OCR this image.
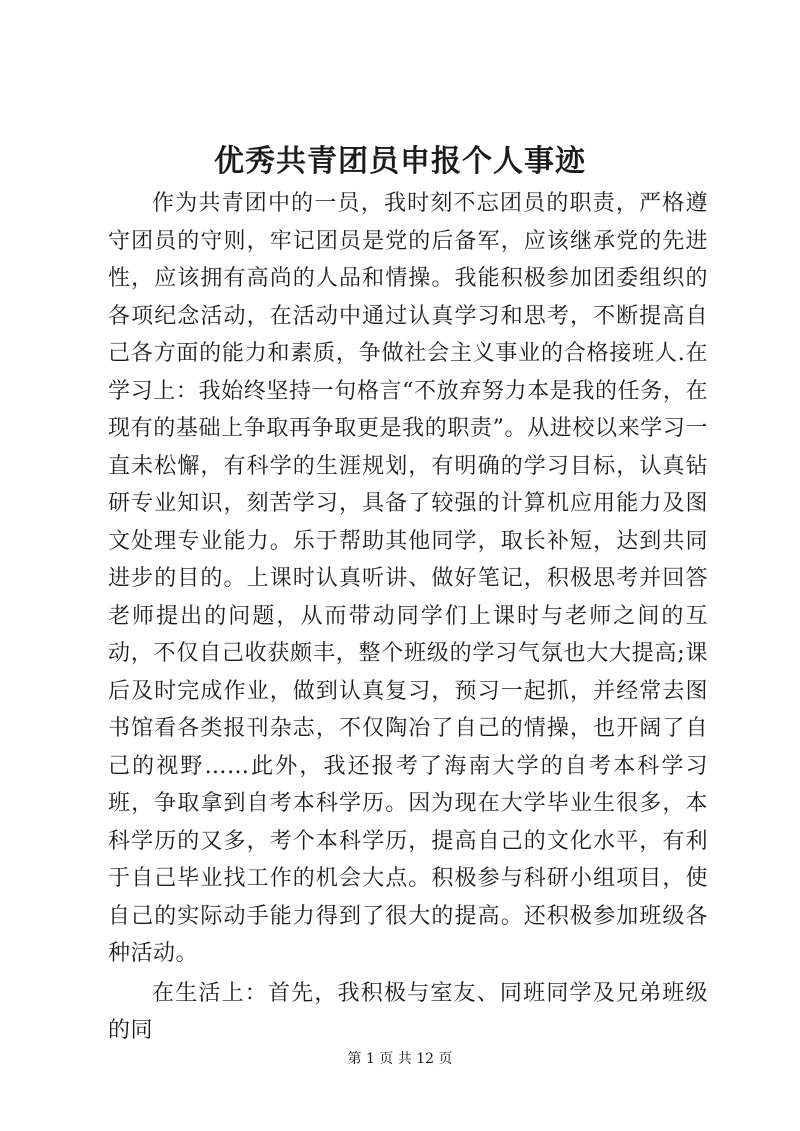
优秀共青团员申报个人事迹

作为共青团中的一员，我时刻不忘团员的职责，严格遵守团员的守则，牢记团员是党的后备军，应该继承党的先进性，应该拥有高尚的人品和情操。我能积极参加团委组织的各项纪念活动，在活动中通过认真学习和思考，不断提高自己各方面的能力和素质，争做社会主义事业的合格接班人.在学习上：我始终坚持一句格言“不放弃努力本是我的任务，在现有的基础上争取再争取更是我的职责”。从进校以来学习一直未松懈，有科学的生涯规划，有明确的学习目标，认真钻研专业知识，刻苦学习，具备了较强的计算机应用能力及图文处理专业能力。乐于帮助其他同学，取长补短，达到共同进步的目的。上课时认真听讲、做好笔记，积极思考并回答老师提出的问题，从而带动同学们上课时与老师之间的互动，不仅自己收获颇丰，整个班级的学习气氛也大大提高;课后及时完成作业，做到认真复习，预习一起抓，并经常去图书馆看各类报刊杂志，不仅陶冶了自己的情操，也开阔了自己的视野……此外，我还报考了海南大学的自考本科学习班，争取拿到自考本科学历。因为现在大学毕业生很多，本科学历的又多，考个本科学历，提高自己的文化水平，有利于自己毕业找工作的机会大点。积极参与科研小组项目，使自己的实际动手能力得到了很大的提高。还积极参加班级各种活动。

在生活上：首先，我积极与室友、同班同学及兄弟班级的同

第 1 页 共 12 页
